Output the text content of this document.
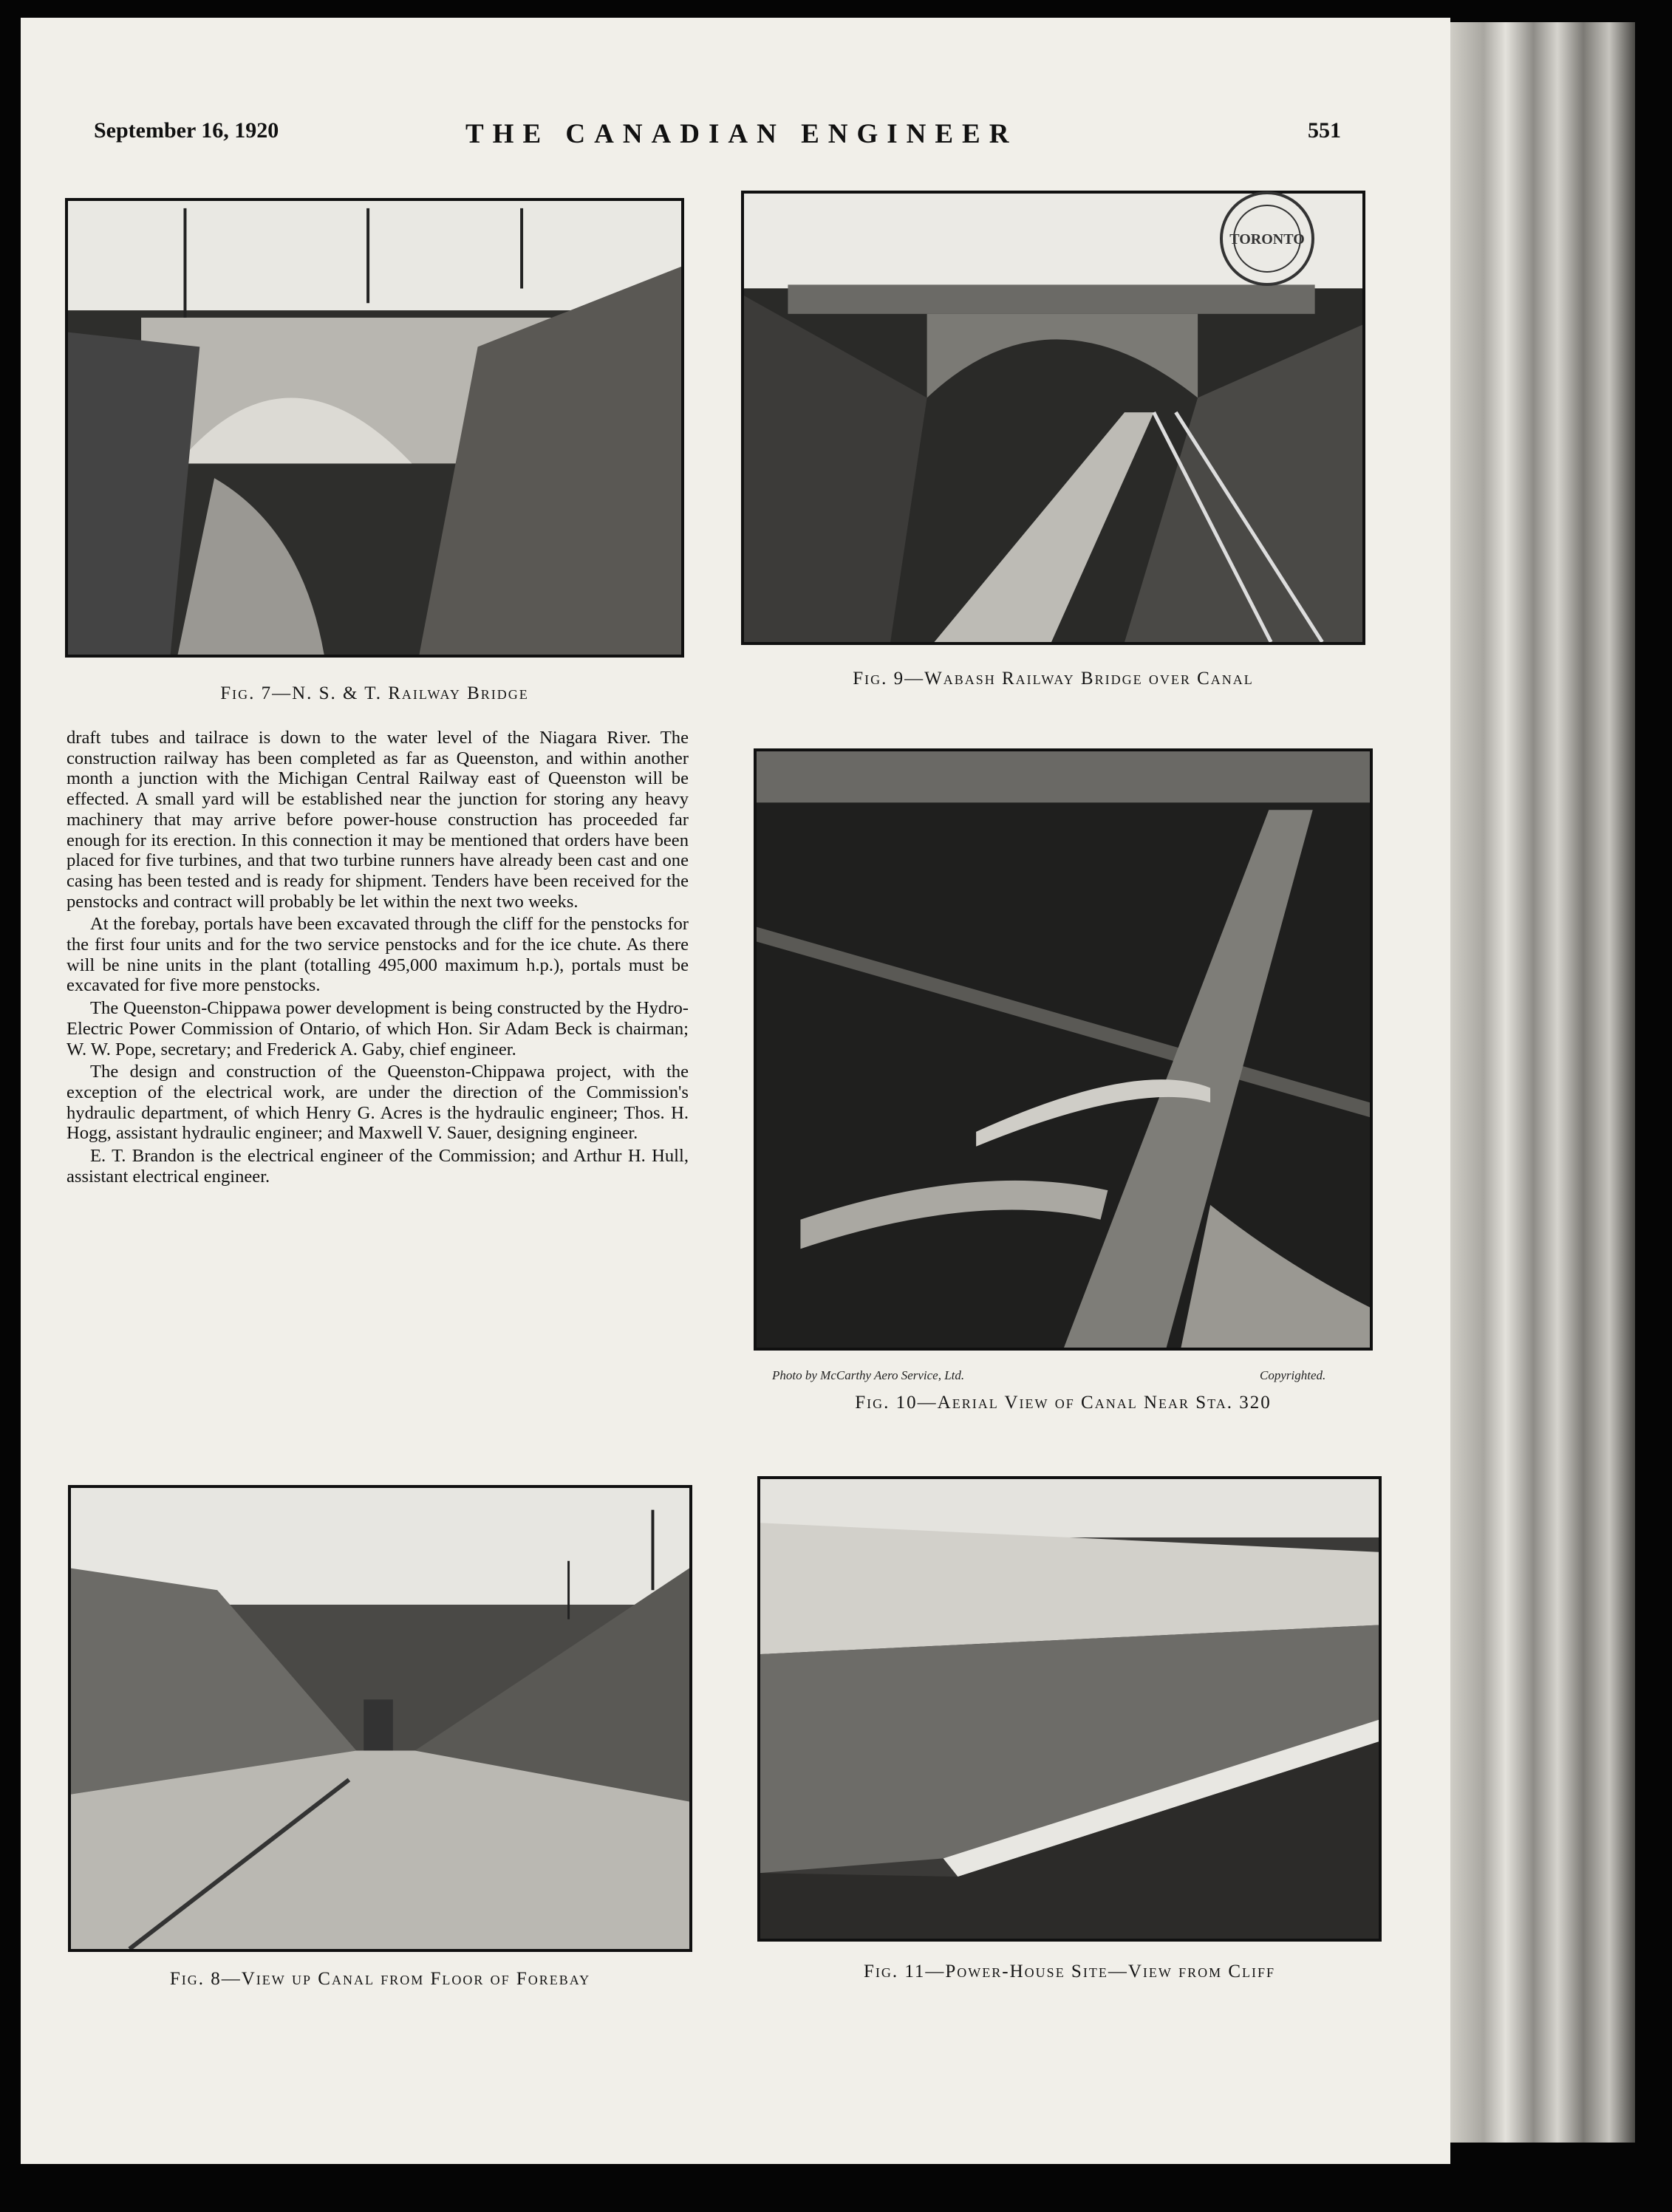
September 16, 1920	THE CANADIAN ENGINEER	551
Fig. 7—N. S. & T. Railway Bridge
Fig. 9—Wabash Railway Bridge over Canal
TORONTO
Photo by McCarthy Aero Service, Ltd.	Copyrighted.
Fig. 10—Aerial View of Canal Near Sta. 320
Fig. 11—Power-House Site—View from Cliff
Fig. 8—View up Canal from Floor of Forebay

draft tubes and tailrace is down to the water level of the Niagara River. The construction railway has been completed as far as Queenston, and within another month a junction with the Michigan Central Railway east of Queenston will be effected. A small yard will be established near the junction for storing any heavy machinery that may arrive before power-house construction has proceeded far enough for its erection. In this connection it may be mentioned that orders have been placed for five turbines, and that two turbine runners have already been cast and one casing has been tested and is ready for shipment. Tenders have been received for the penstocks and contract will probably be let within the next two weeks.

At the forebay, portals have been excavated through the cliff for the penstocks for the first four units and for the two service penstocks and for the ice chute. As there will be nine units in the plant (totalling 495,000 maximum h.p.), portals must be excavated for five more penstocks.

The Queenston-Chippawa power development is being constructed by the Hydro-Electric Power Commission of Ontario, of which Hon. Sir Adam Beck is chairman; W. W. Pope, secretary; and Frederick A. Gaby, chief engineer.

The design and construction of the Queenston-Chippawa project, with the exception of the electrical work, are under the direction of the Commission's hydraulic department, of which Henry G. Acres is the hydraulic engineer; Thos. H. Hogg, assistant hydraulic engineer; and Maxwell V. Sauer, designing engineer.

E. T. Brandon is the electrical engineer of the Commission; and Arthur H. Hull, assistant electrical engineer.
